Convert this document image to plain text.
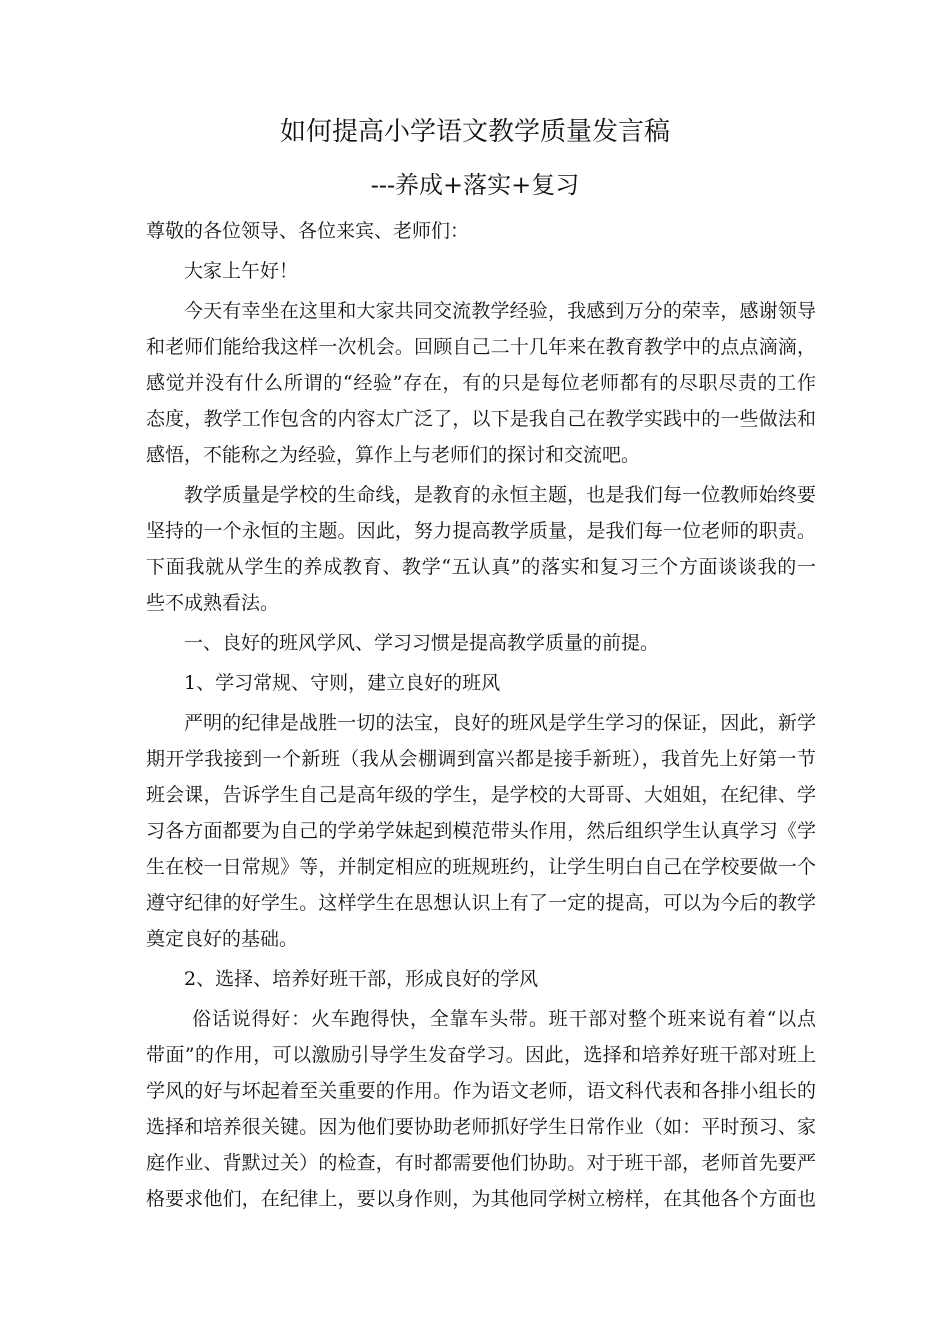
如何提高小学语文教学质量发言稿
---养成+落实+复习
尊敬的各位领导、各位来宾、老师们：
大家上午好！
今天有幸坐在这里和大家共同交流教学经验，我感到万分的荣幸，感谢领导
和老师们能给我这样一次机会。回顾自己二十几年来在教育教学中的点点滴滴，
感觉并没有什么所谓的“经验”存在，有的只是每位老师都有的尽职尽责的工作
态度，教学工作包含的内容太广泛了，以下是我自己在教学实践中的一些做法和
感悟，不能称之为经验，算作上与老师们的探讨和交流吧。
教学质量是学校的生命线，是教育的永恒主题，也是我们每一位教师始终要
坚持的一个永恒的主题。因此，努力提高教学质量，是我们每一位老师的职责。
下面我就从学生的养成教育、教学“五认真”的落实和复习三个方面谈谈我的一
些不成熟看法。
一、良好的班风学风、学习习惯是提高教学质量的前提。
1、学习常规、守则，建立良好的班风
严明的纪律是战胜一切的法宝，良好的班风是学生学习的保证，因此，新学
期开学我接到一个新班（我从会棚调到富兴都是接手新班），我首先上好第一节
班会课，告诉学生自己是高年级的学生，是学校的大哥哥、大姐姐，在纪律、学
习各方面都要为自己的学弟学妹起到模范带头作用，然后组织学生认真学习《学
生在校一日常规》等，并制定相应的班规班约，让学生明白自己在学校要做一个
遵守纪律的好学生。这样学生在思想认识上有了一定的提高，可以为今后的教学
奠定良好的基础。
2、选择、培养好班干部，形成良好的学风
俗话说得好：火车跑得快，全靠车头带。班干部对整个班来说有着“以点
带面”的作用，可以激励引导学生发奋学习。因此，选择和培养好班干部对班上
学风的好与坏起着至关重要的作用。作为语文老师，语文科代表和各排小组长的
选择和培养很关键。因为他们要协助老师抓好学生日常作业（如：平时预习、家
庭作业、背默过关）的检查，有时都需要他们协助。对于班干部，老师首先要严
格要求他们，在纪律上，要以身作则，为其他同学树立榜样，在其他各个方面也
